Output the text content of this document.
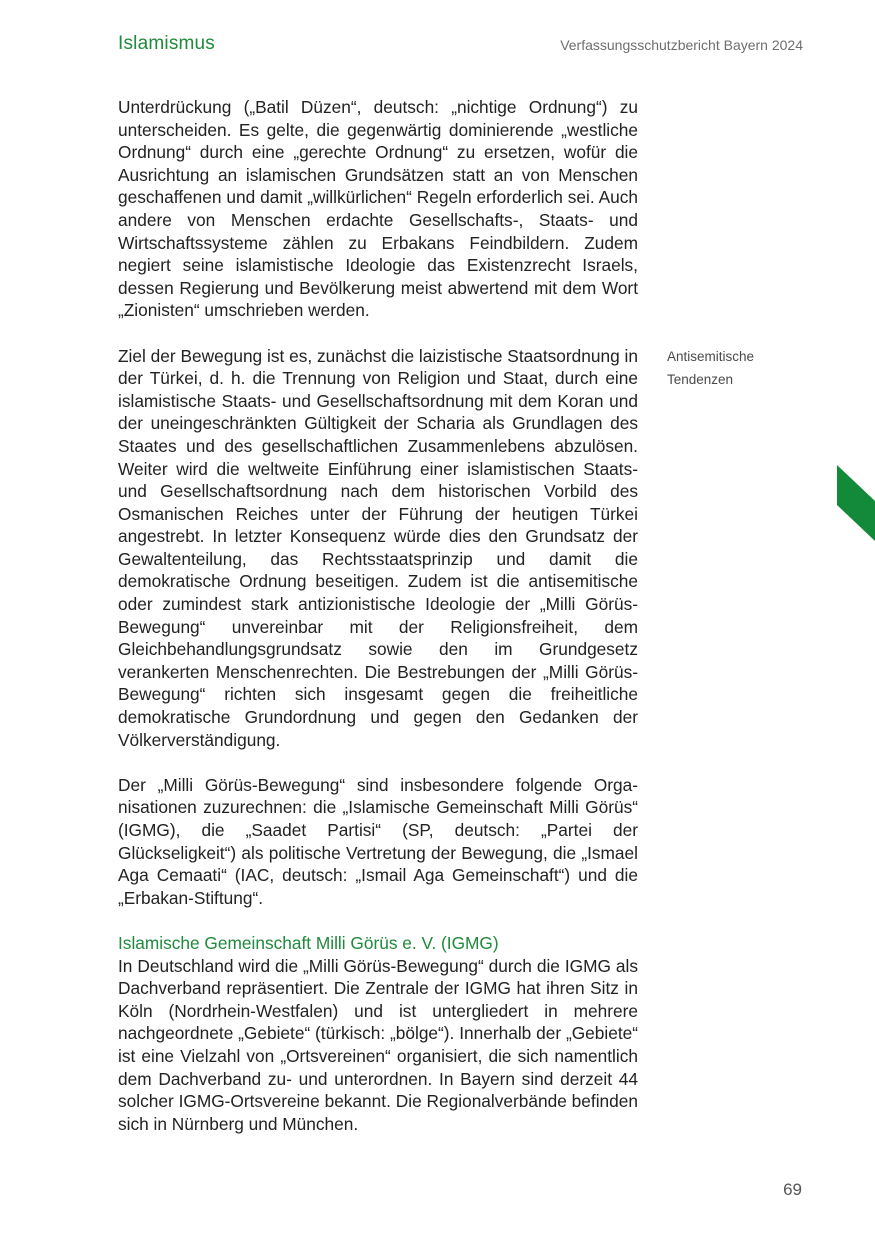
Islamismus	Verfassungsschutzbericht Bayern 2024

Unterdrückung („Batil Düzen“, deutsch: „nichtige Ordnung“) zu unterscheiden. Es gelte, die gegenwärtig dominierende „westliche Ordnung“ durch eine „gerechte Ordnung“ zu ersetzen, wofür die Ausrichtung an islamischen Grundsätzen statt an von Menschen geschaffenen und damit „willkürlichen“ Regeln erforderlich sei. Auch andere von Menschen erdachte Gesellschafts-, Staats- und Wirtschaftssysteme zählen zu Erbakans Feindbildern. Zudem negiert seine islamistische Ideologie das Existenzrecht Israels, dessen Regierung und Bevölkerung meist abwertend mit dem Wort „Zionisten“ umschrieben werden.

Ziel der Bewegung ist es, zunächst die laizistische Staatsordnung in der Türkei, d. h. die Trennung von Religion und Staat, durch eine islamistische Staats- und Gesellschaftsordnung mit dem Koran und der uneingeschränkten Gültigkeit der Scharia als Grundlagen des Staates und des gesellschaftlichen Zusammenlebens abzulösen. Weiter wird die weltweite Einführung einer islamistischen Staats- und Gesellschaftsordnung nach dem historischen Vorbild des Osmanischen Reiches unter der Führung der heutigen Türkei angestrebt. In letzter Konsequenz würde dies den Grundsatz der Gewaltenteilung, das Rechtsstaatsprinzip und damit die demokratische Ordnung beseitigen. Zudem ist die antisemitische oder zumindest stark antizionistische Ideologie der „Milli Görüs-Bewegung“ unvereinbar mit der Religionsfreiheit, dem Gleichbehandlungsgrundsatz sowie den im Grundgesetz verankerten Menschenrechten. Die Bestrebungen der „Milli Görüs-Bewegung“ richten sich insgesamt gegen die freiheitliche demokratische Grundordnung und gegen den Gedanken der Völkerverständigung.

Der „Milli Görüs-Bewegung“ sind insbesondere folgende Organisationen zuzurechnen: die „Islamische Gemeinschaft Milli Görüs“ (IGMG), die „Saadet Partisi“ (SP, deutsch: „Partei der Glückseligkeit“) als politische Vertretung der Bewegung, die „Ismael Aga Cemaati“ (IAC, deutsch: „Ismail Aga Gemeinschaft“) und die „Erbakan-Stiftung“.

Islamische Gemeinschaft Milli Görüs e. V. (IGMG)

In Deutschland wird die „Milli Görüs-Bewegung“ durch die IGMG als Dachverband repräsentiert. Die Zentrale der IGMG hat ihren Sitz in Köln (Nordrhein-Westfalen) und ist untergliedert in mehrere nachgeordnete „Gebiete“ (türkisch: „bölge“). Innerhalb der „Gebiete“ ist eine Vielzahl von „Ortsvereinen“ organisiert, die sich namentlich dem Dachverband zu- und unterordnen. In Bayern sind derzeit 44 solcher IGMG-Ortsvereine bekannt. Die Regionalverbände befinden sich in Nürnberg und München.

Antisemitische
Tendenzen
69
